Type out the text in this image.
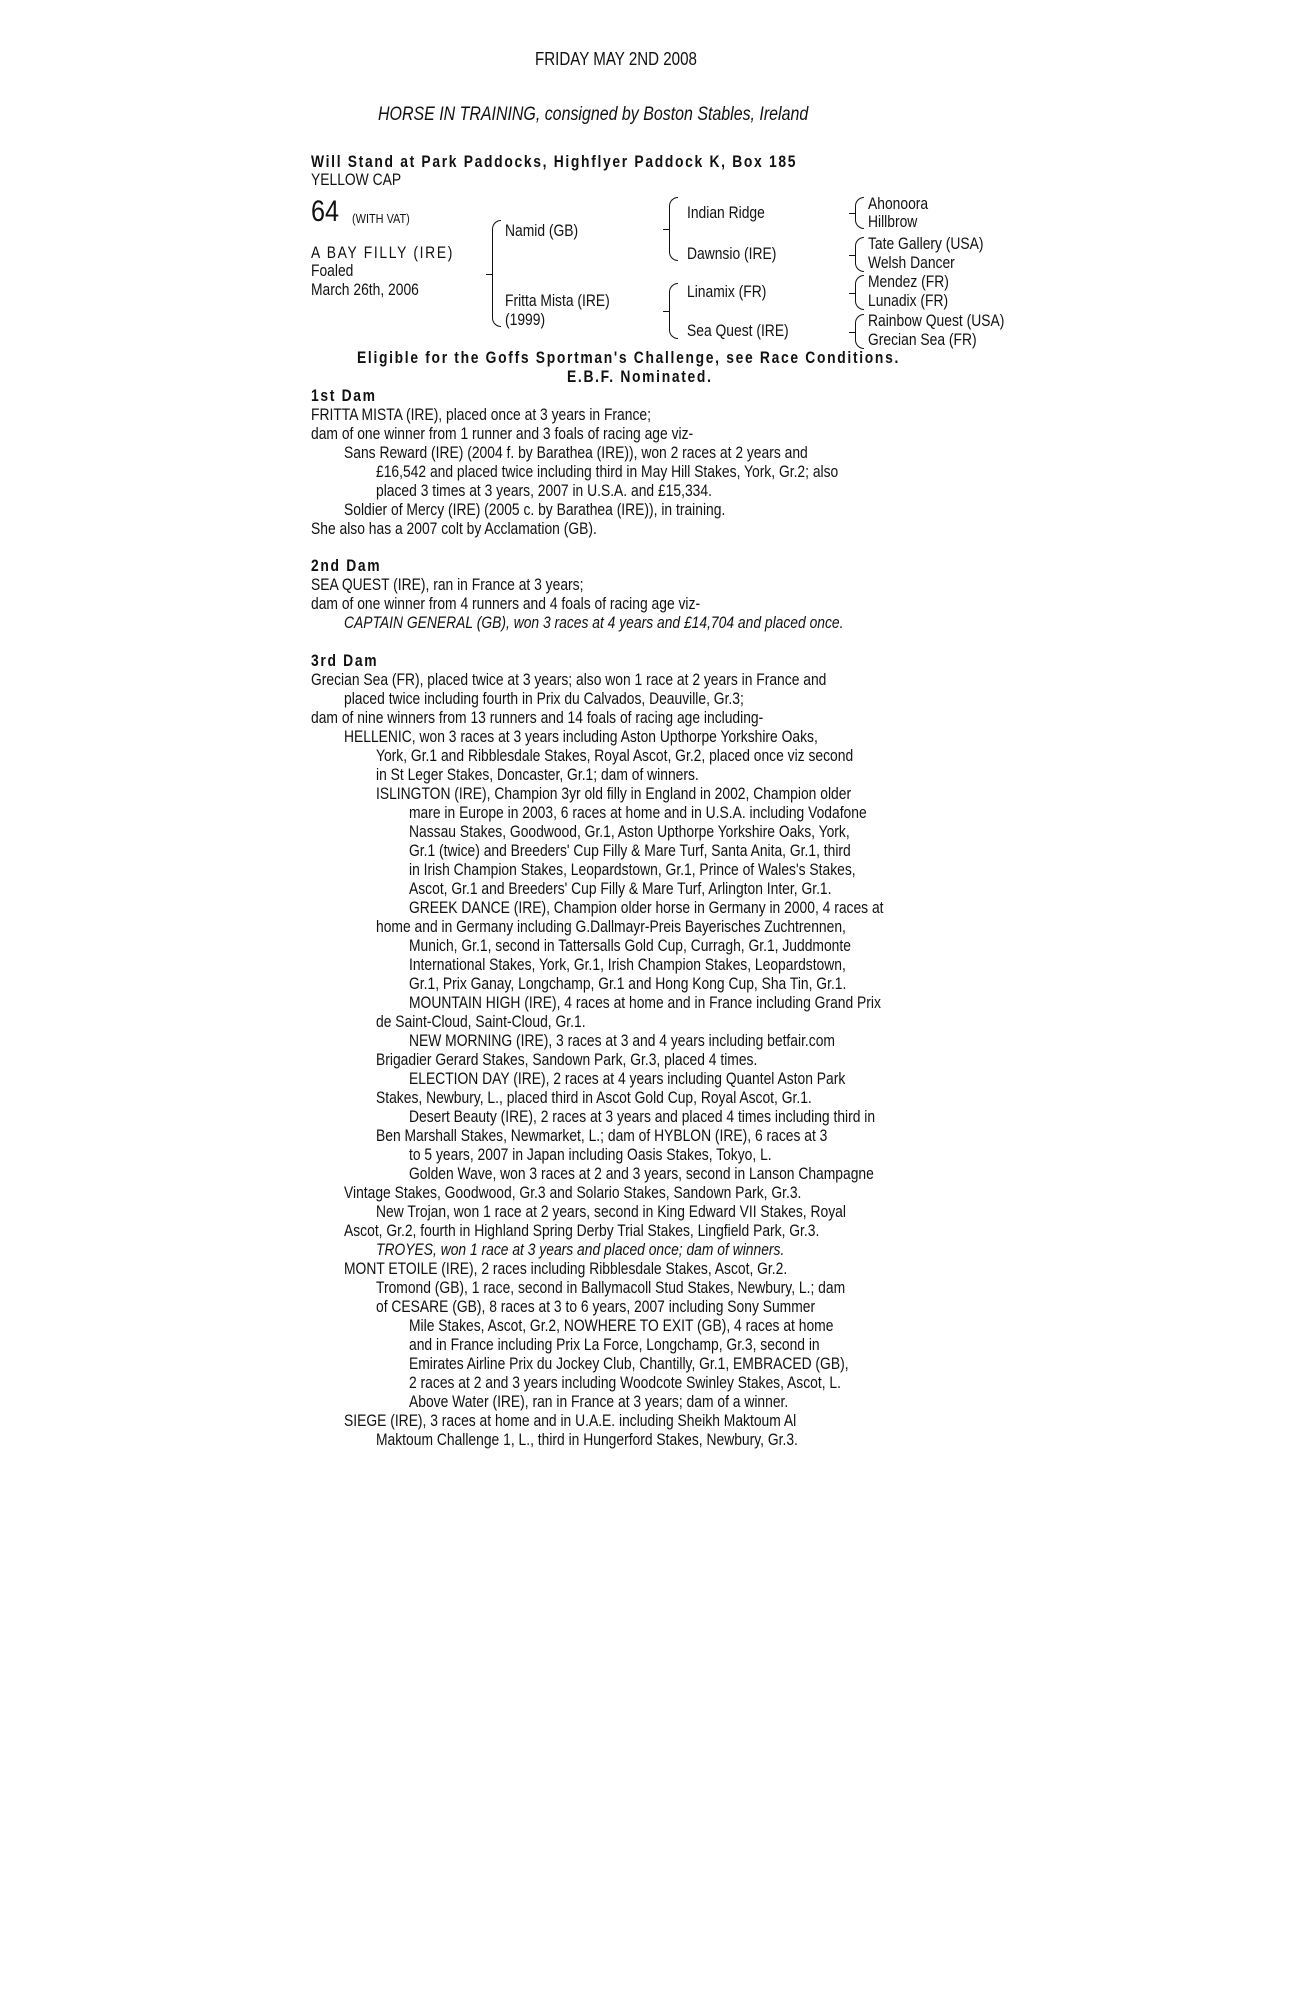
FRIDAY MAY 2ND 2008
HORSE IN TRAINING, consigned by Boston Stables, Ireland
Will Stand at Park Paddocks, Highflyer Paddock K, Box 185
YELLOW CAP
64 (WITH VAT)
A BAY FILLY (IRE)
Foaled
March 26th, 2006
Namid (GB)
Fritta Mista (IRE)
(1999)
Indian Ridge
Dawnsio (IRE)
Linamix (FR)
Sea Quest (IRE)
Ahonoora
Hillbrow
Tate Gallery (USA)
Welsh Dancer
Mendez (FR)
Lunadix (FR)
Rainbow Quest (USA)
Grecian Sea (FR)
Eligible for the Goffs Sportman's Challenge, see Race Conditions.
E.B.F. Nominated.
1st Dam
FRITTA MISTA (IRE), placed once at 3 years in France;
dam of one winner from 1 runner and 3 foals of racing age viz-
Sans Reward (IRE) (2004 f. by Barathea (IRE)), won 2 races at 2 years and
£16,542 and placed twice including third in May Hill Stakes, York, Gr.2; also
placed 3 times at 3 years, 2007 in U.S.A. and £15,334.
Soldier of Mercy (IRE) (2005 c. by Barathea (IRE)), in training.
She also has a 2007 colt by Acclamation (GB).
2nd Dam
SEA QUEST (IRE), ran in France at 3 years;
dam of one winner from 4 runners and 4 foals of racing age viz-
CAPTAIN GENERAL (GB), won 3 races at 4 years and £14,704 and placed once.
3rd Dam
Grecian Sea (FR), placed twice at 3 years; also won 1 race at 2 years in France and
placed twice including fourth in Prix du Calvados, Deauville, Gr.3;
dam of nine winners from 13 runners and 14 foals of racing age including-
HELLENIC, won 3 races at 3 years including Aston Upthorpe Yorkshire Oaks,
York, Gr.1 and Ribblesdale Stakes, Royal Ascot, Gr.2, placed once viz second
in St Leger Stakes, Doncaster, Gr.1; dam of winners.
ISLINGTON (IRE), Champion 3yr old filly in England in 2002, Champion older
mare in Europe in 2003, 6 races at home and in U.S.A. including Vodafone
Nassau Stakes, Goodwood, Gr.1, Aston Upthorpe Yorkshire Oaks, York,
Gr.1 (twice) and Breeders' Cup Filly & Mare Turf, Santa Anita, Gr.1, third
in Irish Champion Stakes, Leopardstown, Gr.1, Prince of Wales's Stakes,
Ascot, Gr.1 and Breeders' Cup Filly & Mare Turf, Arlington Inter, Gr.1.
GREEK DANCE (IRE), Champion older horse in Germany in 2000, 4 races at
home and in Germany including G.Dallmayr-Preis Bayerisches Zuchtrennen,
Munich, Gr.1, second in Tattersalls Gold Cup, Curragh, Gr.1, Juddmonte
International Stakes, York, Gr.1, Irish Champion Stakes, Leopardstown,
Gr.1, Prix Ganay, Longchamp, Gr.1 and Hong Kong Cup, Sha Tin, Gr.1.
MOUNTAIN HIGH (IRE), 4 races at home and in France including Grand Prix
de Saint-Cloud, Saint-Cloud, Gr.1.
NEW MORNING (IRE), 3 races at 3 and 4 years including betfair.com
Brigadier Gerard Stakes, Sandown Park, Gr.3, placed 4 times.
ELECTION DAY (IRE), 2 races at 4 years including Quantel Aston Park
Stakes, Newbury, L., placed third in Ascot Gold Cup, Royal Ascot, Gr.1.
Desert Beauty (IRE), 2 races at 3 years and placed 4 times including third in
Ben Marshall Stakes, Newmarket, L.; dam of HYBLON (IRE), 6 races at 3
to 5 years, 2007 in Japan including Oasis Stakes, Tokyo, L.
Golden Wave, won 3 races at 2 and 3 years, second in Lanson Champagne
Vintage Stakes, Goodwood, Gr.3 and Solario Stakes, Sandown Park, Gr.3.
New Trojan, won 1 race at 2 years, second in King Edward VII Stakes, Royal
Ascot, Gr.2, fourth in Highland Spring Derby Trial Stakes, Lingfield Park, Gr.3.
TROYES, won 1 race at 3 years and placed once; dam of winners.
MONT ETOILE (IRE), 2 races including Ribblesdale Stakes, Ascot, Gr.2.
Tromond (GB), 1 race, second in Ballymacoll Stud Stakes, Newbury, L.; dam
of CESARE (GB), 8 races at 3 to 6 years, 2007 including Sony Summer
Mile Stakes, Ascot, Gr.2, NOWHERE TO EXIT (GB), 4 races at home
and in France including Prix La Force, Longchamp, Gr.3, second in
Emirates Airline Prix du Jockey Club, Chantilly, Gr.1, EMBRACED (GB),
2 races at 2 and 3 years including Woodcote Swinley Stakes, Ascot, L.
Above Water (IRE), ran in France at 3 years; dam of a winner.
SIEGE (IRE), 3 races at home and in U.A.E. including Sheikh Maktoum Al
Maktoum Challenge 1, L., third in Hungerford Stakes, Newbury, Gr.3.
